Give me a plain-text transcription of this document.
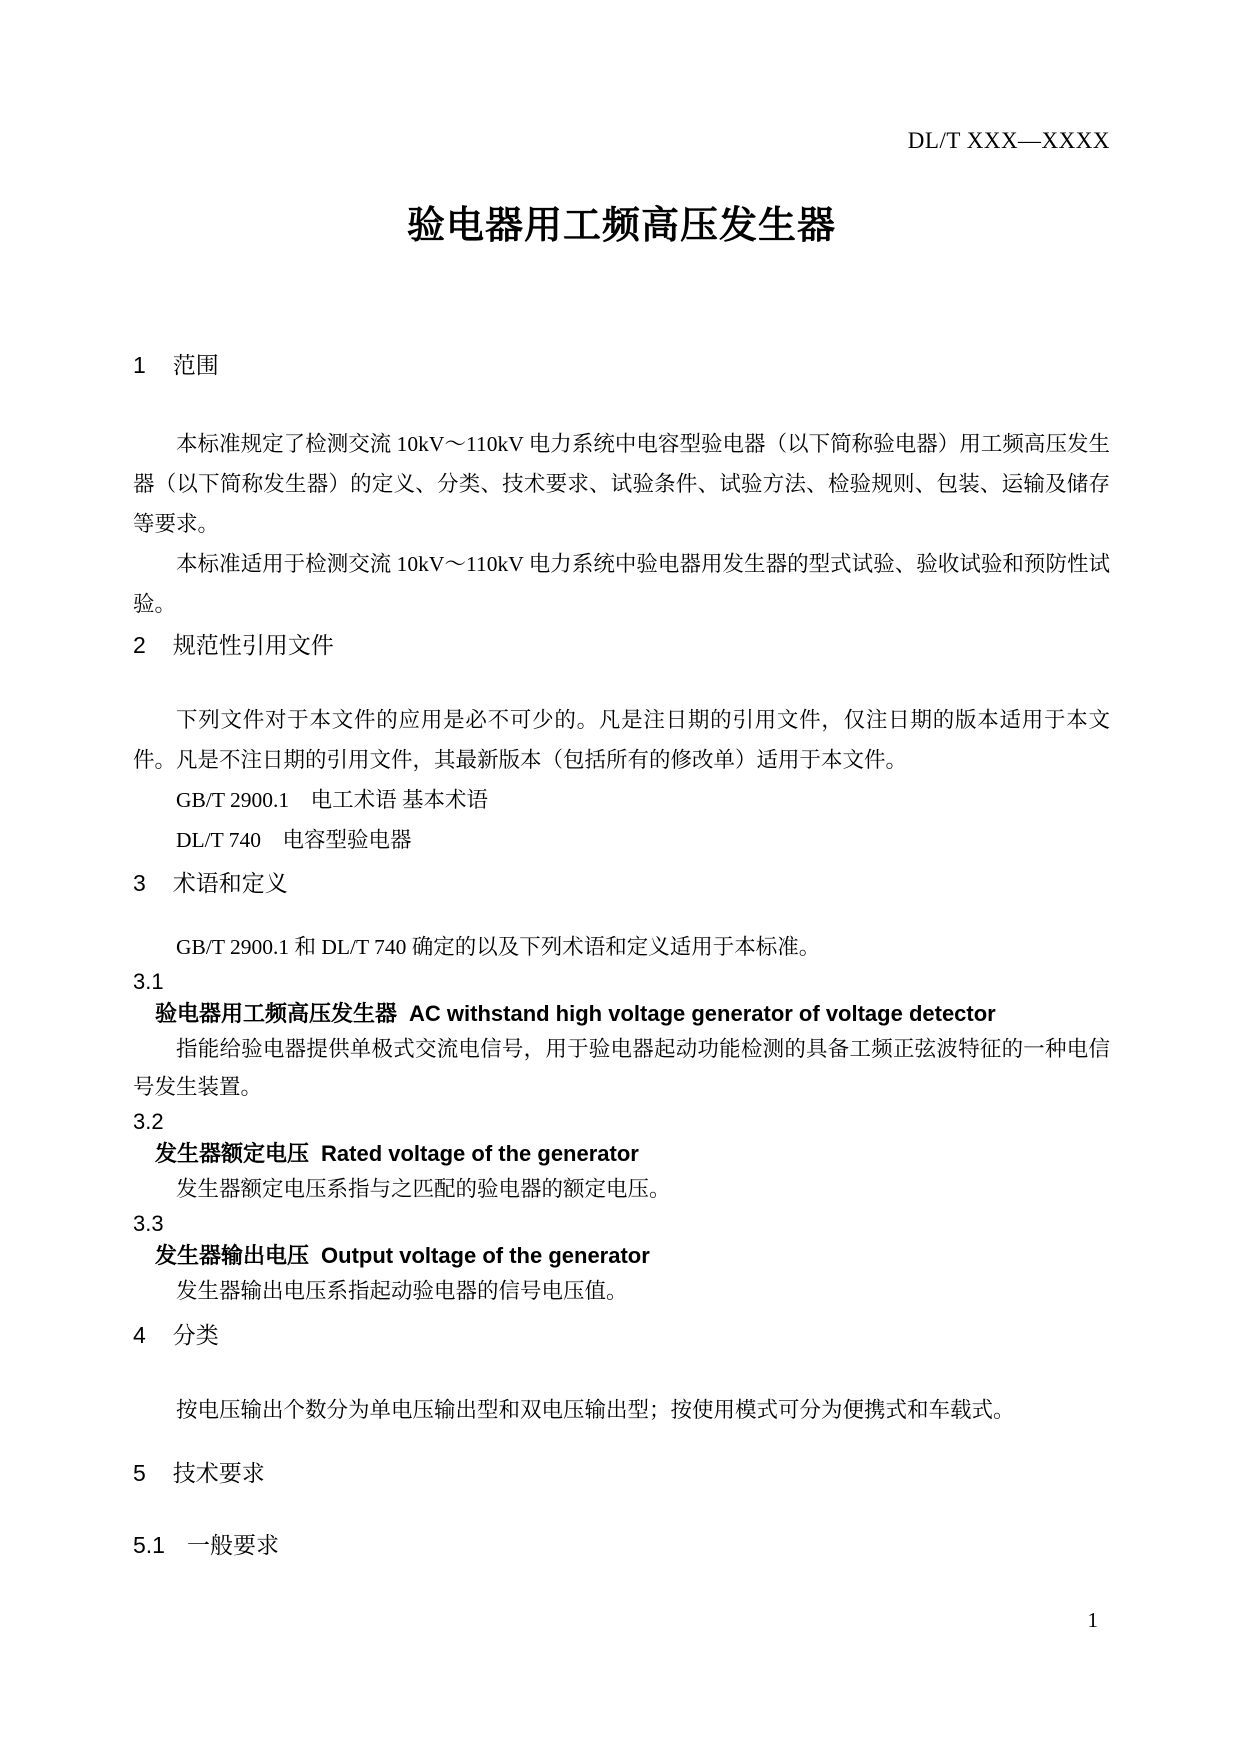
DL/T XXX—XXXX
验电器用工频高压发生器
1 范围

本标准规定了检测交流 10kV～110kV 电力系统中电容型验电器（以下简称验电器）用工频高压发生器（以下简称发生器）的定义、分类、技术要求、试验条件、试验方法、检验规则、包装、运输及储存等要求。

本标准适用于检测交流 10kV～110kV 电力系统中验电器用发生器的型式试验、验收试验和预防性试验。

2 规范性引用文件

下列文件对于本文件的应用是必不可少的。凡是注日期的引用文件，仅注日期的版本适用于本文件。凡是不注日期的引用文件，其最新版本（包括所有的修改单）适用于本文件。

GB/T 2900.1　电工术语 基本术语
DL/T 740　电容型验电器
3 术语和定义

GB/T 2900.1 和 DL/T 740 确定的以及下列术语和定义适用于本标准。

3.1
验电器用工频高压发生器 AC withstand high voltage generator of voltage detector

指能给验电器提供单极式交流电信号，用于验电器起动功能检测的具备工频正弦波特征的一种电信号发生装置。

3.2
发生器额定电压 Rated voltage of the generator

发生器额定电压系指与之匹配的验电器的额定电压。

3.3
发生器输出电压 Output voltage of the generator

发生器输出电压系指起动验电器的信号电压值。

4 分类

按电压输出个数分为单电压输出型和双电压输出型；按使用模式可分为便携式和车载式。

5 技术要求
5.1 一般要求
1
